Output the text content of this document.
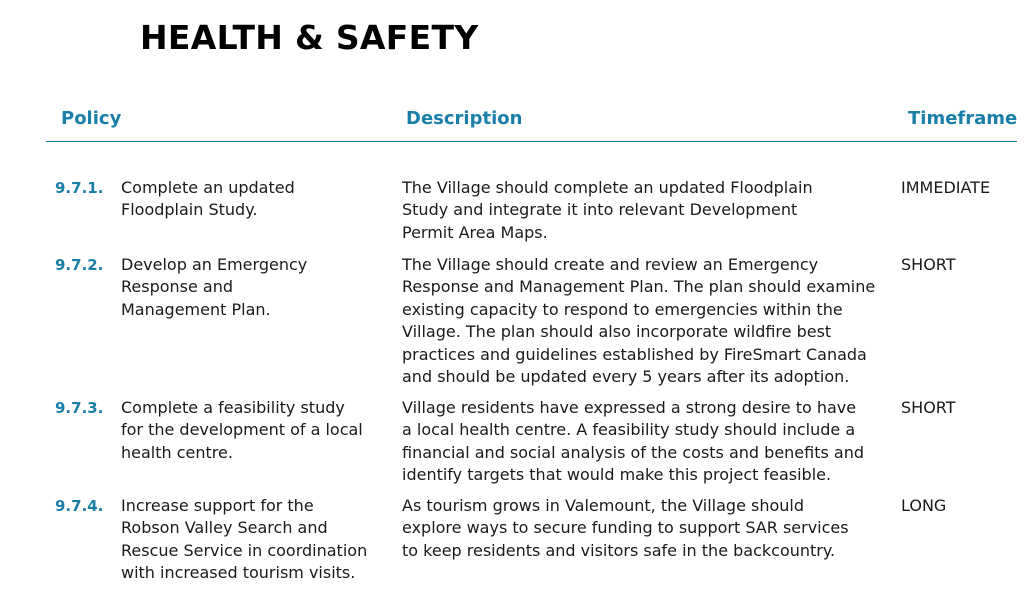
HEALTH & SAFETY
Policy	Description	Timeframe
9.7.1. Complete an updated
Floodplain Study.
The Village should complete an updated Floodplain
Study and integrate it into relevant Development
Permit Area Maps.
IMMEDIATE
9.7.2. Develop an Emergency
Response and
Management Plan.
The Village should create and review an Emergency
Response and Management Plan. The plan should examine
existing capacity to respond to emergencies within the
Village. The plan should also incorporate wildfire best
practices and guidelines established by FireSmart Canada
and should be updated every 5 years after its adoption.
SHORT
9.7.3. Complete a feasibility study
for the development of a local
health centre.
Village residents have expressed a strong desire to have
a local health centre. A feasibility study should include a
financial and social analysis of the costs and benefits and
identify targets that would make this project feasible.
SHORT
9.7.4. Increase support for the
Robson Valley Search and
Rescue Service in coordination
with increased tourism visits.
As tourism grows in Valemount, the Village should
explore ways to secure funding to support SAR services
to keep residents and visitors safe in the backcountry.
LONG
